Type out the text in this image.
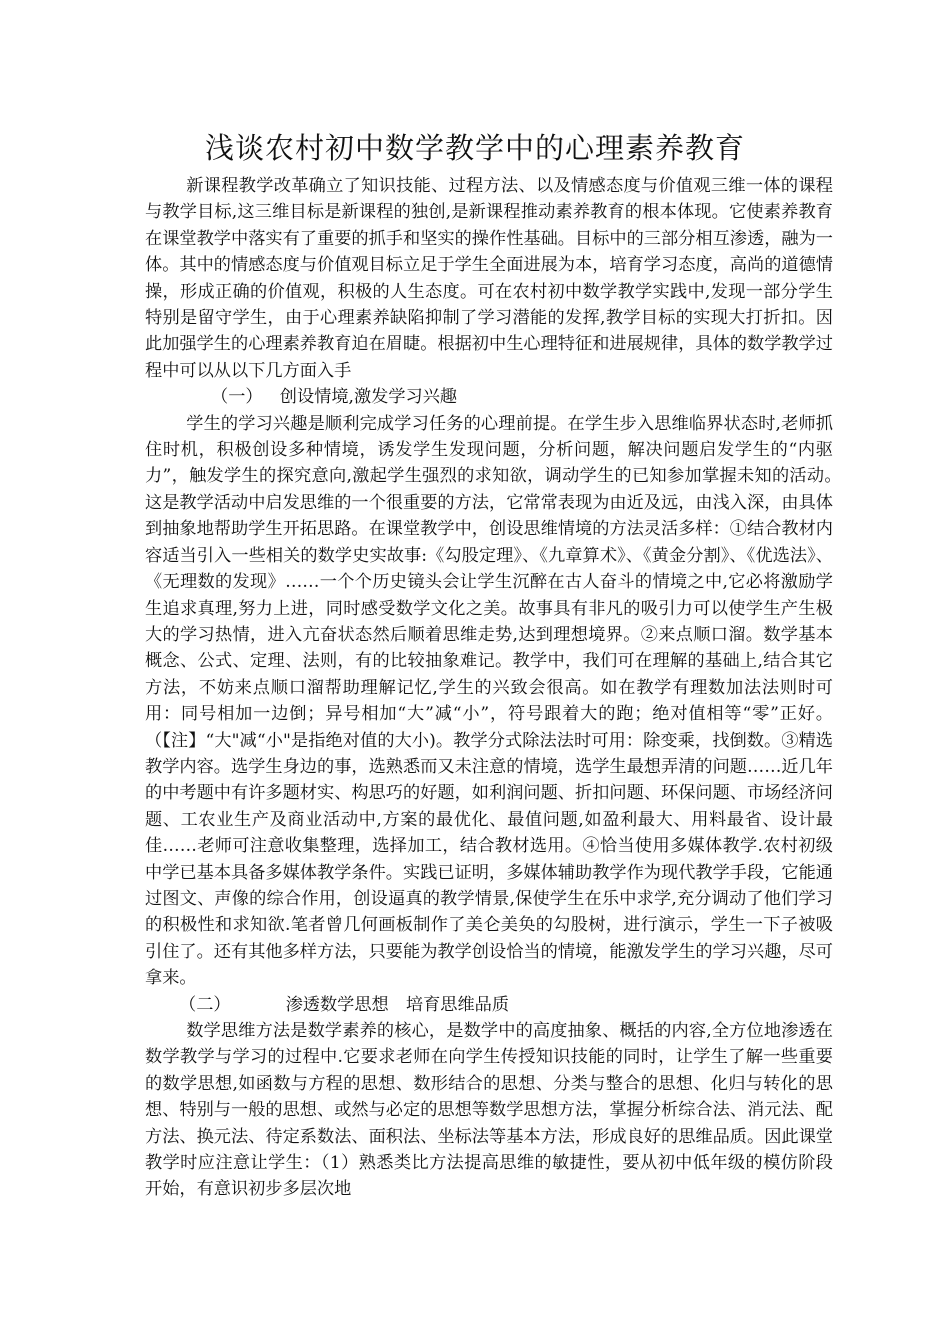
浅谈农村初中数学教学中的心理素养教育

新课程教学改革确立了知识技能、过程方法、以及情感态度与价值观三维一体的课程与教学目标,这三维目标是新课程的独创,是新课程推动素养教育的根本体现。它使素养教育在课堂教学中落实有了重要的抓手和坚实的操作性基础。目标中的三部分相互渗透，融为一体。其中的情感态度与价值观目标立足于学生全面进展为本，培育学习态度，高尚的道德情操，形成正确的价值观，积极的人生态度。可在农村初中数学教学实践中,发现一部分学生特别是留守学生，由于心理素养缺陷抑制了学习潜能的发挥,教学目标的实现大打折扣。因此加强学生的心理素养教育迫在眉睫。根据初中生心理特征和进展规律，具体的数学教学过程中可以从以下几方面入手

（一） 创设情境,激发学习兴趣

学生的学习兴趣是顺利完成学习任务的心理前提。在学生步入思维临界状态时,老师抓住时机，积极创设多种情境，诱发学生发现问题，分析问题，解决问题启发学生的“内驱力”，触发学生的探究意向,激起学生强烈的求知欲，调动学生的已知参加掌握未知的活动。　　这是教学活动中启发思维的一个很重要的方法，它常常表现为由近及远，由浅入深，由具体到抽象地帮助学生开拓思路。在课堂教学中，创设思维情境的方法灵活多样：①结合教材内容适当引入一些相关的数学史实故事:《勾股定理》、《九章算术》、《黄金分割》、《优选法》、《无理数的发现》……一个个历史镜头会让学生沉醉在古人奋斗的情境之中,它必将激励学生追求真理,努力上进，同时感受数学文化之美。故事具有非凡的吸引力可以使学生产生极大的学习热情，进入亢奋状态然后顺着思维走势,达到理想境界。②来点顺口溜。数学基本概念、公式、定理、法则，有的比较抽象难记。教学中，我们可在理解的基础上,结合其它方法，不妨来点顺口溜帮助理解记忆,学生的兴致会很高。如在教学有理数加法法则时可用：同号相加一边倒；异号相加“大”减“小”，符号跟着大的跑；绝对值相等“零”正好。（【注】“大"减“小"是指绝对值的大小)。教学分式除法法时可用：除变乘，找倒数。③精选教学内容。选学生身边的事，选熟悉而又未注意的情境，选学生最想弄清的问题……近几年的中考题中有许多题材实、构思巧的好题，如利润问题、折扣问题、环保问题、市场经济问题、工农业生产及商业活动中,方案的最优化、最值问题,如盈利最大、用料最省、设计最佳……老师可注意收集整理，选择加工，结合教材选用。④恰当使用多媒体教学.农村初级中学已基本具备多媒体教学条件。实践已证明，多媒体辅助教学作为现代教学手段，它能通过图文、声像的综合作用，创设逼真的教学情景,保使学生在乐中求学,充分调动了他们学习的积极性和求知欲.笔者曾几何画板制作了美仑美奂的勾股树，进行演示，学生一下子被吸引住了。还有其他多样方法，只要能为教学创设恰当的情境，能激发学生的学习兴趣，尽可拿来。

（二）	渗透数学思想　培育思维品质

数学思维方法是数学素养的核心，是数学中的高度抽象、概括的内容,全方位地渗透在数学教学与学习的过程中.它要求老师在向学生传授知识技能的同时，让学生了解一些重要的数学思想,如函数与方程的思想、数形结合的思想、分类与整合的思想、化归与转化的思想、特别与一般的思想、或然与必定的思想等数学思想方法，掌握分析综合法、消元法、配方法、换元法、待定系数法、面积法、坐标法等基本方法，形成良好的思维品质。因此课堂教学时应注意让学生：（1）熟悉类比方法提高思维的敏捷性，要从初中低年级的模仿阶段开始，有意识初步多层次地
